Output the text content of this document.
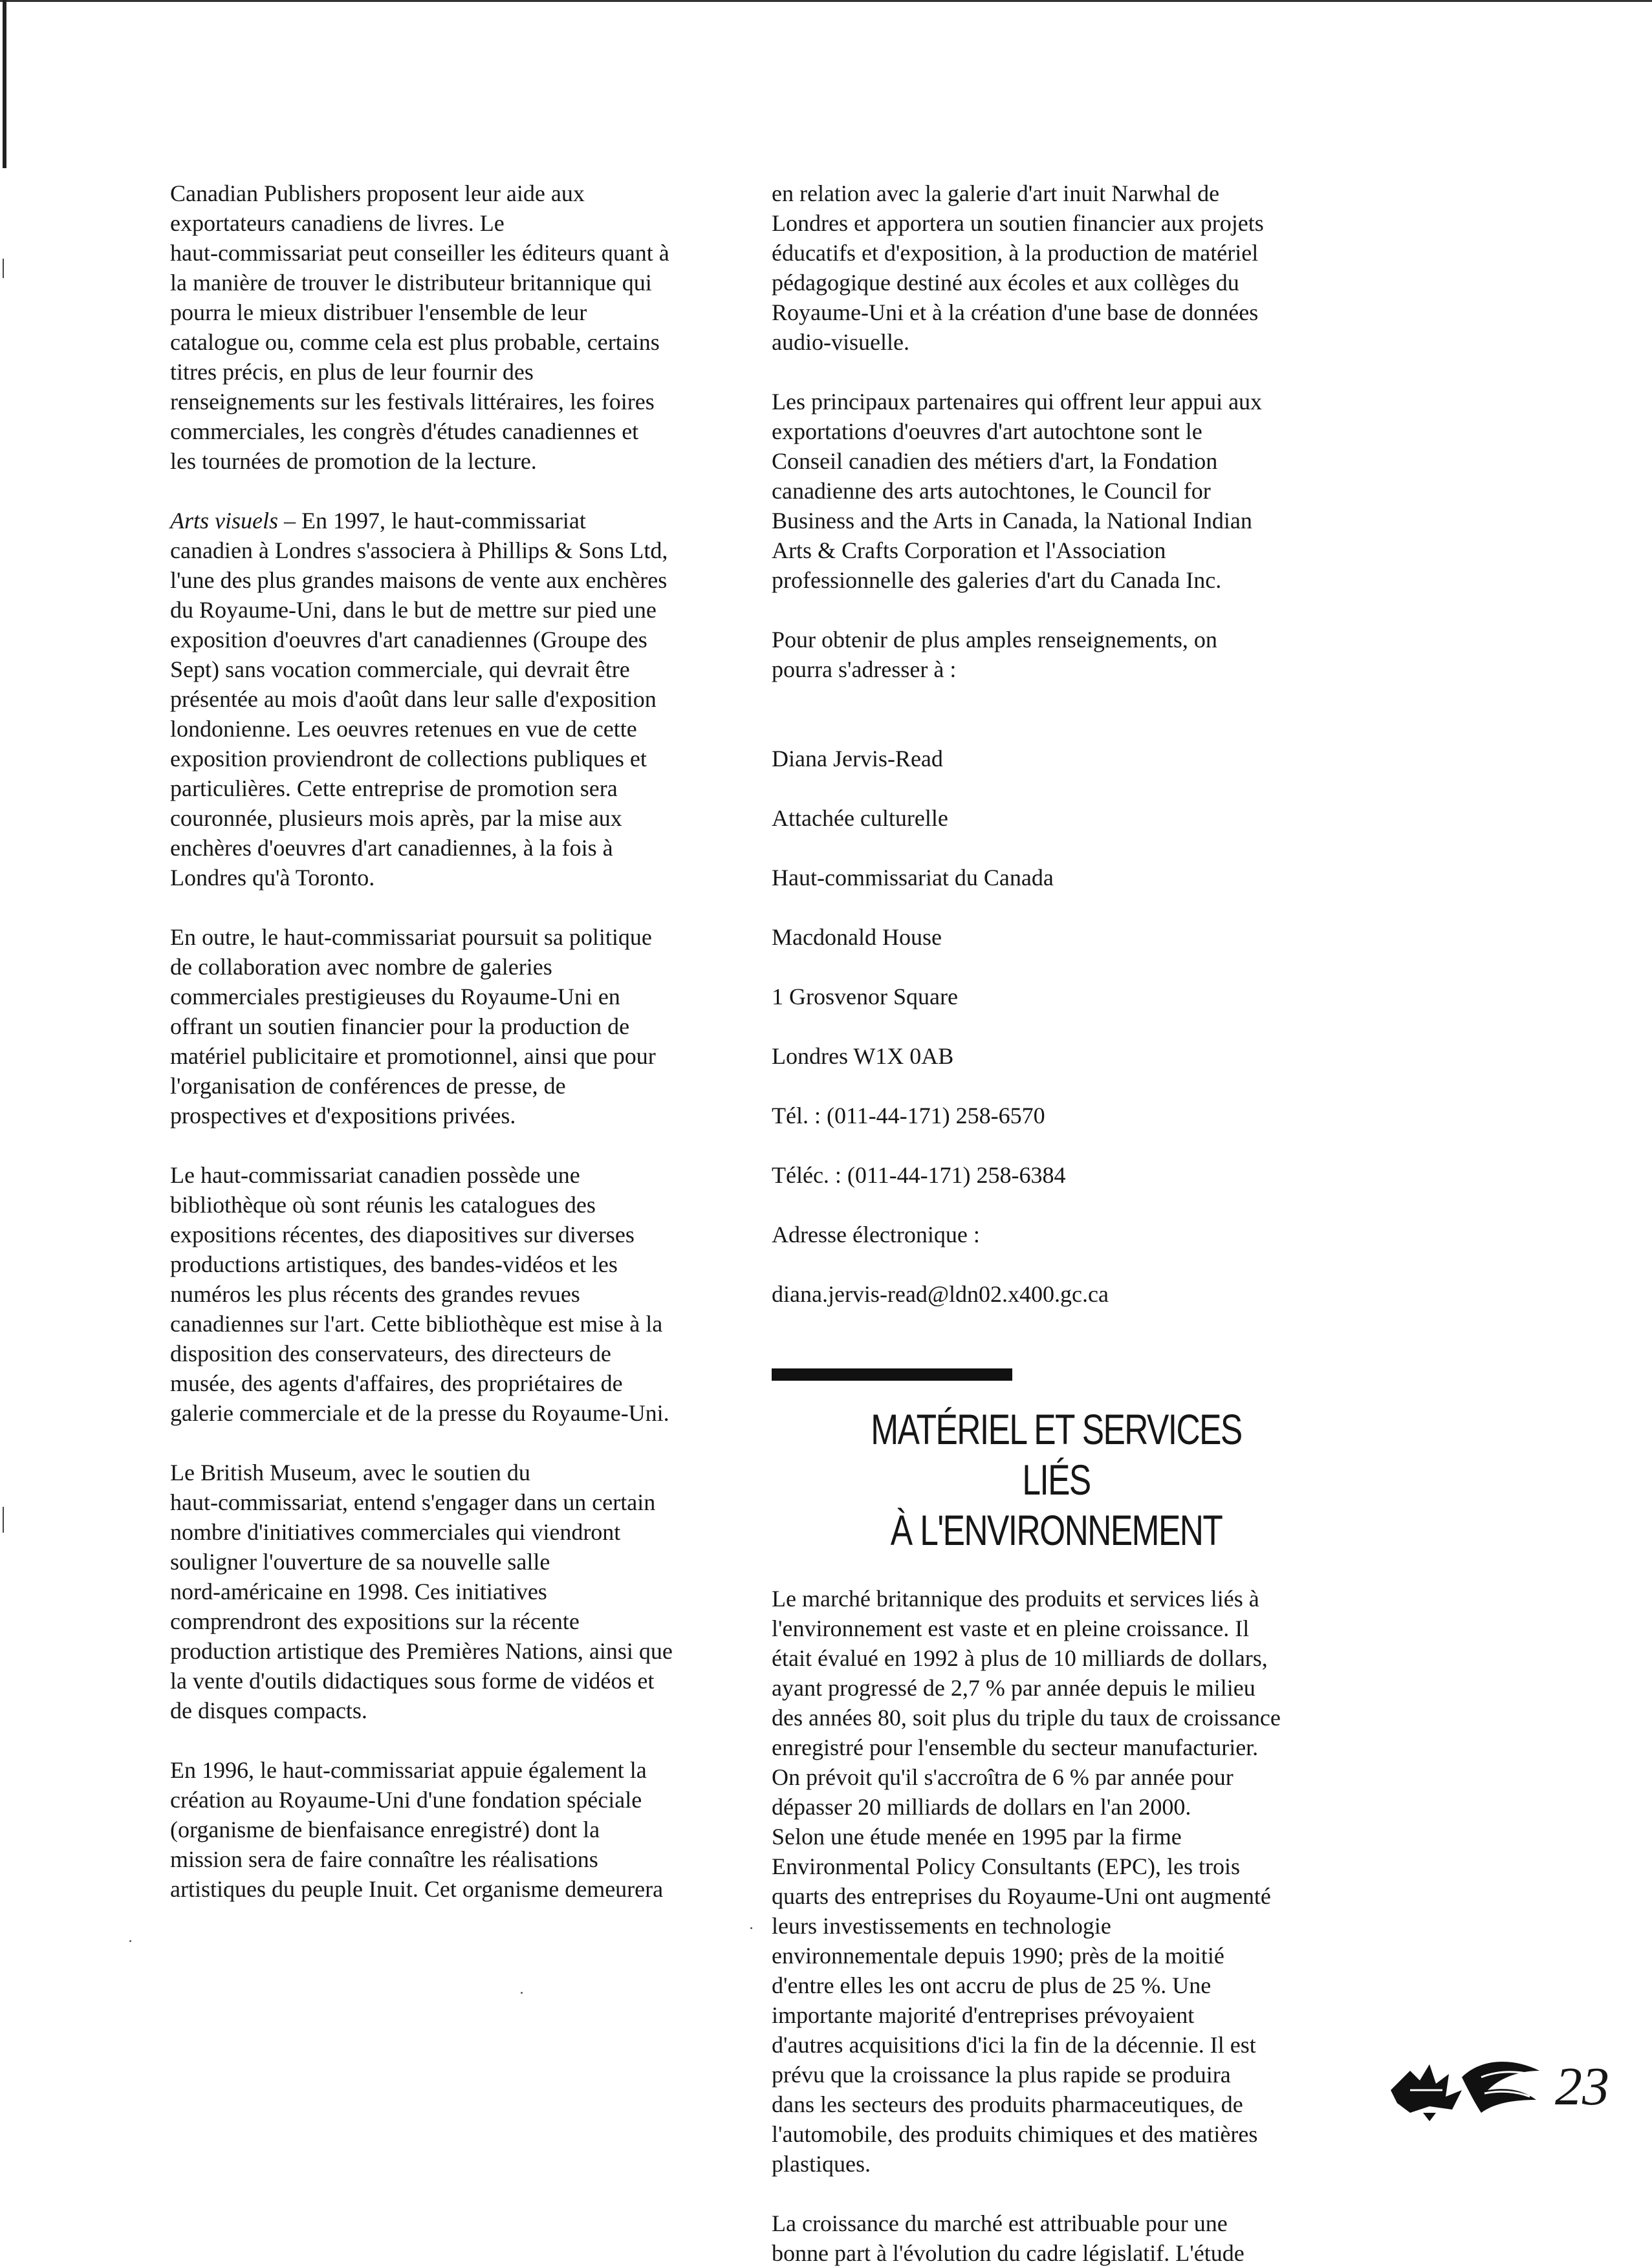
Canadian Publishers proposent leur aide aux
exportateurs canadiens de livres. Le
haut-commissariat peut conseiller les éditeurs quant à
la manière de trouver le distributeur britannique qui
pourra le mieux distribuer l'ensemble de leur
catalogue ou, comme cela est plus probable, certains
titres précis, en plus de leur fournir des
renseignements sur les festivals littéraires, les foires
commerciales, les congrès d'études canadiennes et
les tournées de promotion de la lecture.

Arts visuels – En 1997, le haut-commissariat
canadien à Londres s'associera à Phillips & Sons Ltd,
l'une des plus grandes maisons de vente aux enchères
du Royaume-Uni, dans le but de mettre sur pied une
exposition d'oeuvres d'art canadiennes (Groupe des
Sept) sans vocation commerciale, qui devrait être
présentée au mois d'août dans leur salle d'exposition
londonienne. Les oeuvres retenues en vue de cette
exposition proviendront de collections publiques et
particulières. Cette entreprise de promotion sera
couronnée, plusieurs mois après, par la mise aux
enchères d'oeuvres d'art canadiennes, à la fois à
Londres qu'à Toronto.

En outre, le haut-commissariat poursuit sa politique
de collaboration avec nombre de galeries
commerciales prestigieuses du Royaume-Uni en
offrant un soutien financier pour la production de
matériel publicitaire et promotionnel, ainsi que pour
l'organisation de conférences de presse, de
prospectives et d'expositions privées.

Le haut-commissariat canadien possède une
bibliothèque où sont réunis les catalogues des
expositions récentes, des diapositives sur diverses
productions artistiques, des bandes-vidéos et les
numéros les plus récents des grandes revues
canadiennes sur l'art. Cette bibliothèque est mise à la
disposition des conservateurs, des directeurs de
musée, des agents d'affaires, des propriétaires de
galerie commerciale et de la presse du Royaume-Uni.

Le British Museum, avec le soutien du
haut-commissariat, entend s'engager dans un certain
nombre d'initiatives commerciales qui viendront
souligner l'ouverture de sa nouvelle salle
nord-américaine en 1998. Ces initiatives
comprendront des expositions sur la récente
production artistique des Premières Nations, ainsi que
la vente d'outils didactiques sous forme de vidéos et
de disques compacts.

En 1996, le haut-commissariat appuie également la
création au Royaume-Uni d'une fondation spéciale
(organisme de bienfaisance enregistré) dont la
mission sera de faire connaître les réalisations
artistiques du peuple Inuit. Cet organisme demeurera

en relation avec la galerie d'art inuit Narwhal de
Londres et apportera un soutien financier aux projets
éducatifs et d'exposition, à la production de matériel
pédagogique destiné aux écoles et aux collèges du
Royaume-Uni et à la création d'une base de données
audio-visuelle.

Les principaux partenaires qui offrent leur appui aux
exportations d'oeuvres d'art autochtone sont le
Conseil canadien des métiers d'art, la Fondation
canadienne des arts autochtones, le Council for
Business and the Arts in Canada, la National Indian
Arts & Crafts Corporation et l'Association
professionnelle des galeries d'art du Canada Inc.

Pour obtenir de plus amples renseignements, on
pourra s'adresser à :

Diana Jervis-Read

Attachée culturelle

Haut-commissariat du Canada

Macdonald House

1 Grosvenor Square

Londres W1X 0AB

Tél. : (011-44-171) 258-6570

Téléc. : (011-44-171) 258-6384

Adresse électronique :

diana.jervis-read@ldn02.x400.gc.ca

MATÉRIEL ET SERVICES LIÉS
À L'ENVIRONNEMENT

Le marché britannique des produits et services liés à
l'environnement est vaste et en pleine croissance. Il
était évalué en 1992 à plus de 10 milliards de dollars,
ayant progressé de 2,7 % par année depuis le milieu
des années 80, soit plus du triple du taux de croissance
enregistré pour l'ensemble du secteur manufacturier.
On prévoit qu'il s'accroîtra de 6 % par année pour
dépasser 20 milliards de dollars en l'an 2000.
Selon une étude menée en 1995 par la firme
Environmental Policy Consultants (EPC), les trois
quarts des entreprises du Royaume-Uni ont augmenté
leurs investissements en technologie
environnementale depuis 1990; près de la moitié
d'entre elles les ont accru de plus de 25 %. Une
importante majorité d'entreprises prévoyaient
d'autres acquisitions d'ici la fin de la décennie. Il est
prévu que la croissance la plus rapide se produira
dans les secteurs des produits pharmaceutiques, de
l'automobile, des produits chimiques et des matières
plastiques.

La croissance du marché est attribuable pour une
bonne part à l'évolution du cadre législatif. L'étude

23
